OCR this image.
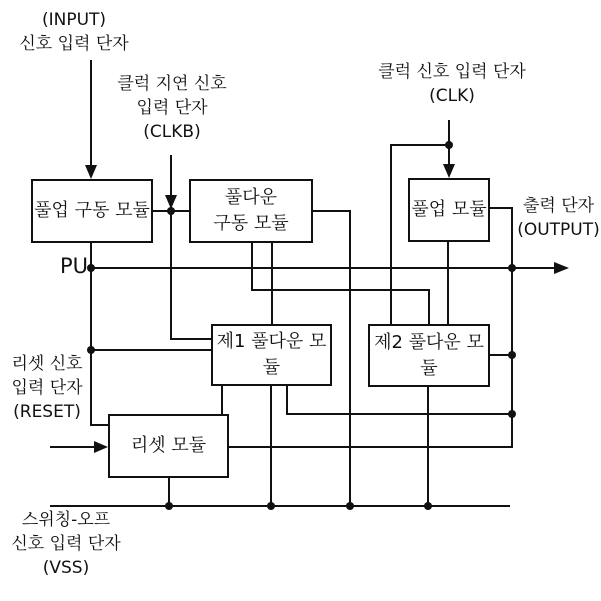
풀업 구동 모듈
풀다운
구동 모듈
풀업 모듈
제1 풀다운 모듈
제2 풀다운 모듈
리셋 모듈
(INPUT)
신호 입력 단자
클럭 지연 신호
입력 단자
(CLKB)
클럭 신호 입력 단자
(CLK)
출력 단자
(OUTPUT)
리셋 신호
입력 단자
(RESET)
스위칭-오프
신호 입력 단자
(VSS)
PU
